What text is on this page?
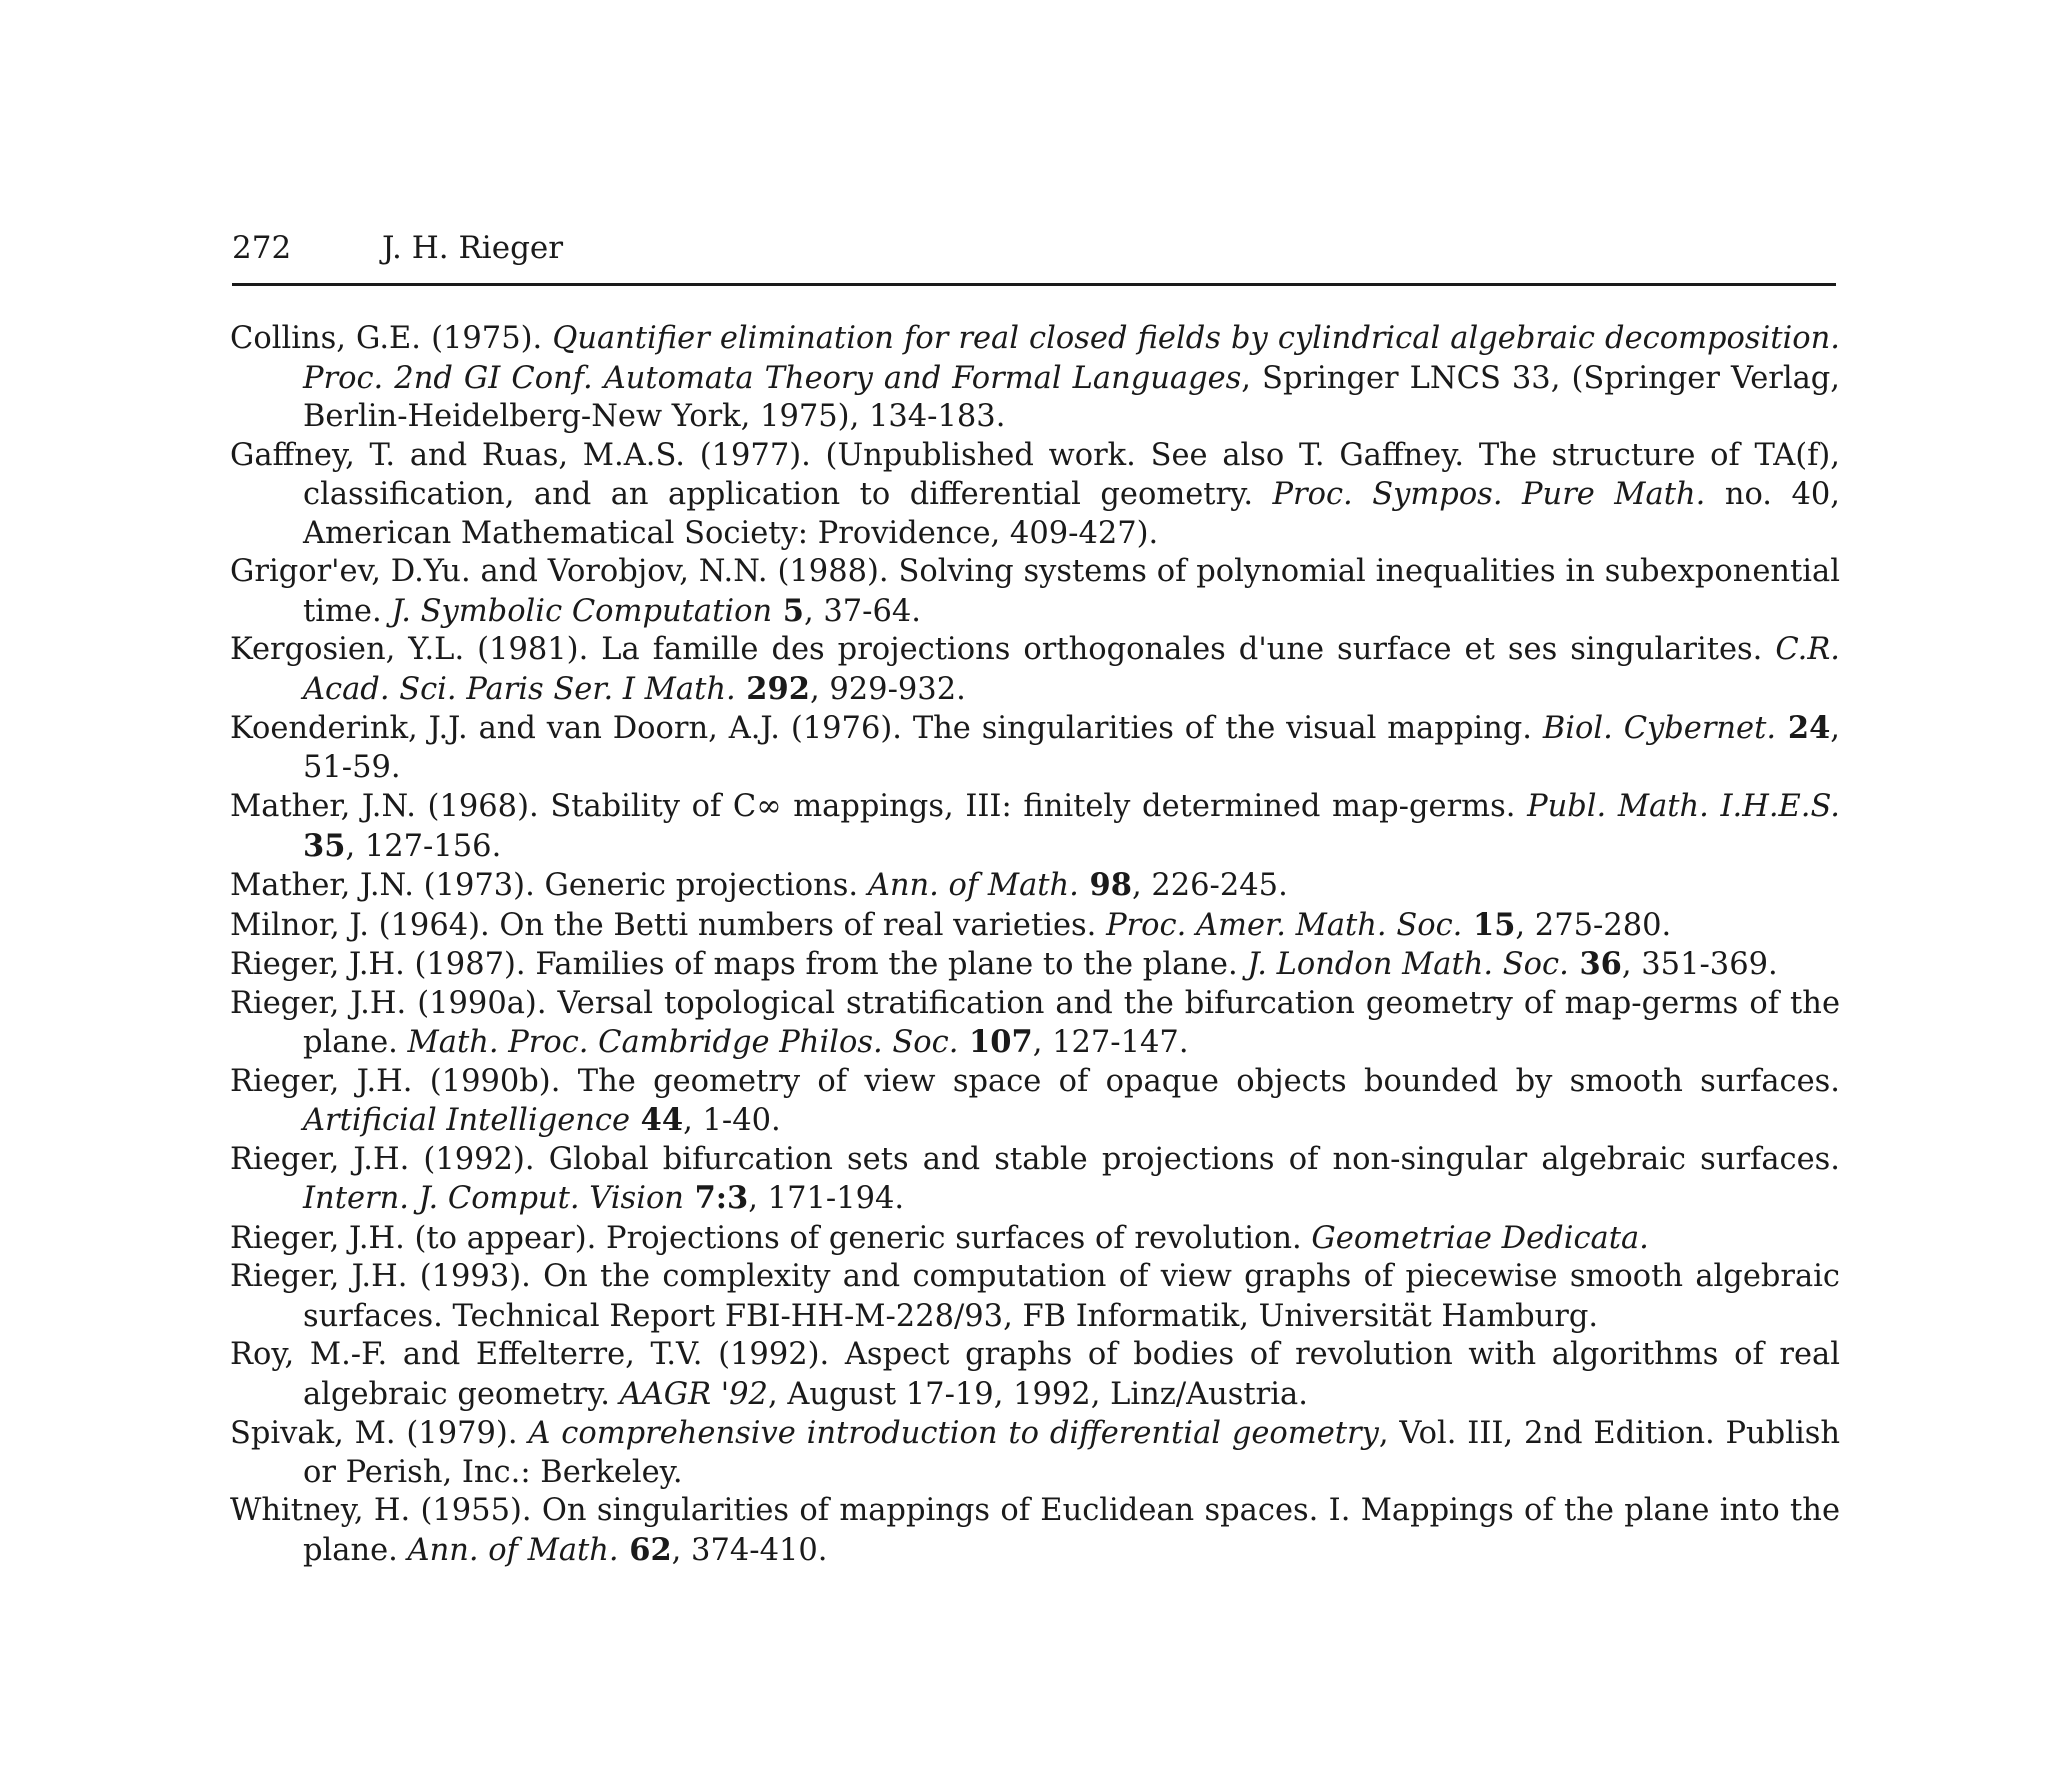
272	J. H. Rieger

Collins, G.E. (1975). Quantifier elimination for real closed fields by cylindrical algebraic decomposition. Proc. 2nd GI Conf. Automata Theory and Formal Languages, Springer LNCS 33, (Springer Verlag, Berlin-Heidelberg-New York, 1975), 134-183.

Gaffney, T. and Ruas, M.A.S. (1977). (Unpublished work. See also T. Gaffney. The structure of TA(f), classification, and an application to differential geometry. Proc. Sympos. Pure Math. no. 40, American Mathematical Society: Providence, 409-427).

Grigor'ev, D.Yu. and Vorobjov, N.N. (1988). Solving systems of polynomial inequalities in subexponential time. J. Symbolic Computation 5, 37-64.

Kergosien, Y.L. (1981). La famille des projections orthogonales d'une surface et ses singularites. C.R. Acad. Sci. Paris Ser. I Math. 292, 929-932.

Koenderink, J.J. and van Doorn, A.J. (1976). The singularities of the visual mapping. Biol. Cybernet. 24, 51-59.

Mather, J.N. (1968). Stability of C∞ mappings, III: finitely determined map-germs. Publ. Math. I.H.E.S. 35, 127-156.

Mather, J.N. (1973). Generic projections. Ann. of Math. 98, 226-245.

Milnor, J. (1964). On the Betti numbers of real varieties. Proc. Amer. Math. Soc. 15, 275-280.

Rieger, J.H. (1987). Families of maps from the plane to the plane. J. London Math. Soc. 36, 351-369.

Rieger, J.H. (1990a). Versal topological stratification and the bifurcation geometry of map-germs of the plane. Math. Proc. Cambridge Philos. Soc. 107, 127-147.

Rieger, J.H. (1990b). The geometry of view space of opaque objects bounded by smooth surfaces. Artificial Intelligence 44, 1-40.

Rieger, J.H. (1992). Global bifurcation sets and stable projections of non-singular algebraic surfaces. Intern. J. Comput. Vision 7:3, 171-194.

Rieger, J.H. (to appear). Projections of generic surfaces of revolution. Geometriae Dedicata.

Rieger, J.H. (1993). On the complexity and computation of view graphs of piecewise smooth algebraic surfaces. Technical Report FBI-HH-M-228/93, FB Informatik, Universität Hamburg.

Roy, M.-F. and Effelterre, T.V. (1992). Aspect graphs of bodies of revolution with algorithms of real algebraic geometry. AAGR '92, August 17-19, 1992, Linz/Austria.

Spivak, M. (1979). A comprehensive introduction to differential geometry, Vol. III, 2nd Edition. Publish or Perish, Inc.: Berkeley.

Whitney, H. (1955). On singularities of mappings of Euclidean spaces. I. Mappings of the plane into the plane. Ann. of Math. 62, 374-410.
